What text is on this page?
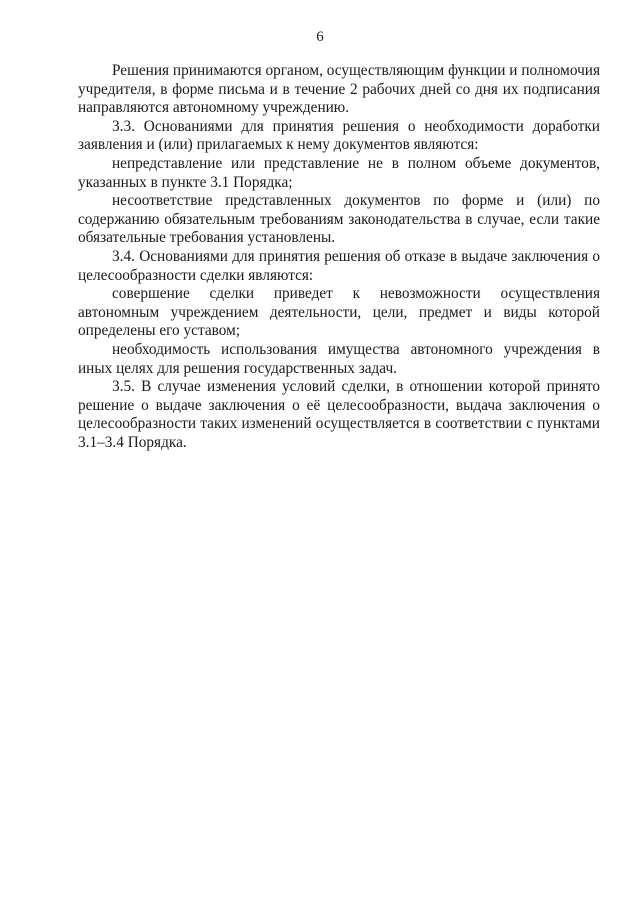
6

Решения принимаются органом, осуществляющим функции и полномочия учредителя, в форме письма и в течение 2 рабочих дней со дня их подписания направляются автономному учреждению.

3.3. Основаниями для принятия решения о необходимости доработки заявления и (или) прилагаемых к нему документов являются:

непредставление или представление не в полном объеме документов, указанных в пункте 3.1 Порядка;

несоответствие представленных документов по форме и (или) по содержанию обязательным требованиям законодательства в случае, если такие обязательные требования установлены.

3.4. Основаниями для принятия решения об отказе в выдаче заключения о целесообразности сделки являются:

совершение сделки приведет к невозможности осуществления автономным учреждением деятельности, цели, предмет и виды которой определены его уставом;

необходимость использования имущества автономного учреждения в иных целях для решения государственных задач.

3.5. В случае изменения условий сделки, в отношении которой принято решение о выдаче заключения о её целесообразности, выдача заключения о целесообразности таких изменений осуществляется в соответствии с пунктами 3.1–3.4 Порядка.
